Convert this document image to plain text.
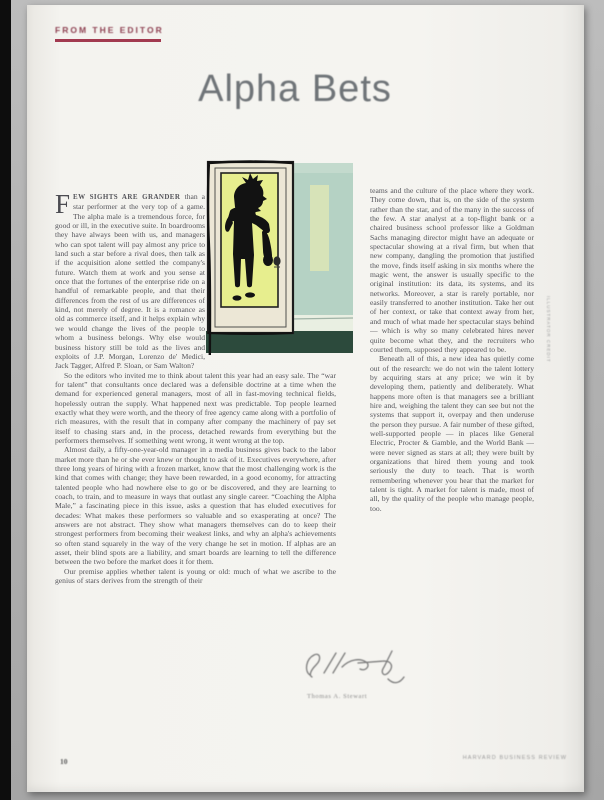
FROM THE EDITOR
Alpha Bets
ILLUSTRATOR CREDIT

FEW SIGHTS ARE GRANDER than a star performer at the very top of a game. The alpha male is a tremendous force, for good or ill, in the executive suite. In boardrooms they have always been with us, and managers who can spot talent will pay almost any price to land such a star before a rival does, then talk as if the acquisition alone settled the company's future. Watch them at work and you sense at once that the fortunes of the enterprise ride on a handful of remarkable people, and that their differences from the rest of us are differences of kind, not merely of degree. It is a romance as old as commerce itself, and it helps explain why we would change the lives of the people to whom a business belongs. Why else would business history still be told as the lives and exploits of J.P. Morgan, Lorenzo de' Medici, Jack Tagger, Alfred P. Sloan, or Sam Walton?

So the editors who invited me to think about talent this year had an easy sale. The “war for talent” that consultants once declared was a defensible doctrine at a time when the demand for experienced general managers, most of all in fast-moving technical fields, hopelessly outran the supply. What happened next was predictable. Top people learned exactly what they were worth, and the theory of free agency came along with a portfolio of rich measures, with the result that in company after company the machinery of pay set itself to chasing stars and, in the process, detached rewards from everything but the performers themselves. If something went wrong, it went wrong at the top.

Almost daily, a fifty-one-year-old manager in a media business gives back to the labor market more than he or she ever knew or thought to ask of it. Executives everywhere, after three long years of hiring with a frozen market, know that the most challenging work is the kind that comes with change; they have been rewarded, in a good economy, for attracting talented people who had nowhere else to go or be discovered, and they are learning to coach, to train, and to measure in ways that outlast any single career. “Coaching the Alpha Male,” a fascinating piece in this issue, asks a question that has eluded executives for decades: What makes these performers so valuable and so exasperating at once? The answers are not abstract. They show what managers themselves can do to keep their strongest performers from becoming their weakest links, and why an alpha's achievements so often stand squarely in the way of the very change he set in motion. If alphas are an asset, their blind spots are a liability, and smart boards are learning to tell the difference between the two before the market does it for them.

Our premise applies whether talent is young or old: much of what we ascribe to the genius of stars derives from the strength of their

teams and the culture of the place where they work. They come down, that is, on the side of the system rather than the star, and of the many in the success of the few. A star analyst at a top-flight bank or a chaired business school professor like a Goldman Sachs managing director might have an adequate or spectacular showing at a rival firm, but when that new company, dangling the promotion that justified the move, finds itself asking in six months where the magic went, the answer is usually specific to the original institution: its data, its systems, and its networks. Moreover, a star is rarely portable, nor easily transferred to another institution. Take her out of her context, or take that context away from her, and much of what made her spectacular stays behind — which is why so many celebrated hires never quite become what they, and the recruiters who courted them, supposed they appeared to be.

Beneath all of this, a new idea has quietly come out of the research: we do not win the talent lottery by acquiring stars at any price; we win it by developing them, patiently and deliberately. What happens more often is that managers see a brilliant hire and, weighing the talent they can see but not the systems that support it, overpay and then underuse the person they pursue. A fair number of these gifted, well-supported people — in places like General Electric, Procter & Gamble, and the World Bank — were never signed as stars at all; they were built by organizations that hired them young and took seriously the duty to teach. That is worth remembering whenever you hear that the market for talent is tight. A market for talent is made, most of all, by the quality of the people who manage people, too.

Thomas A. Stewart
10	HARVARD BUSINESS REVIEW
